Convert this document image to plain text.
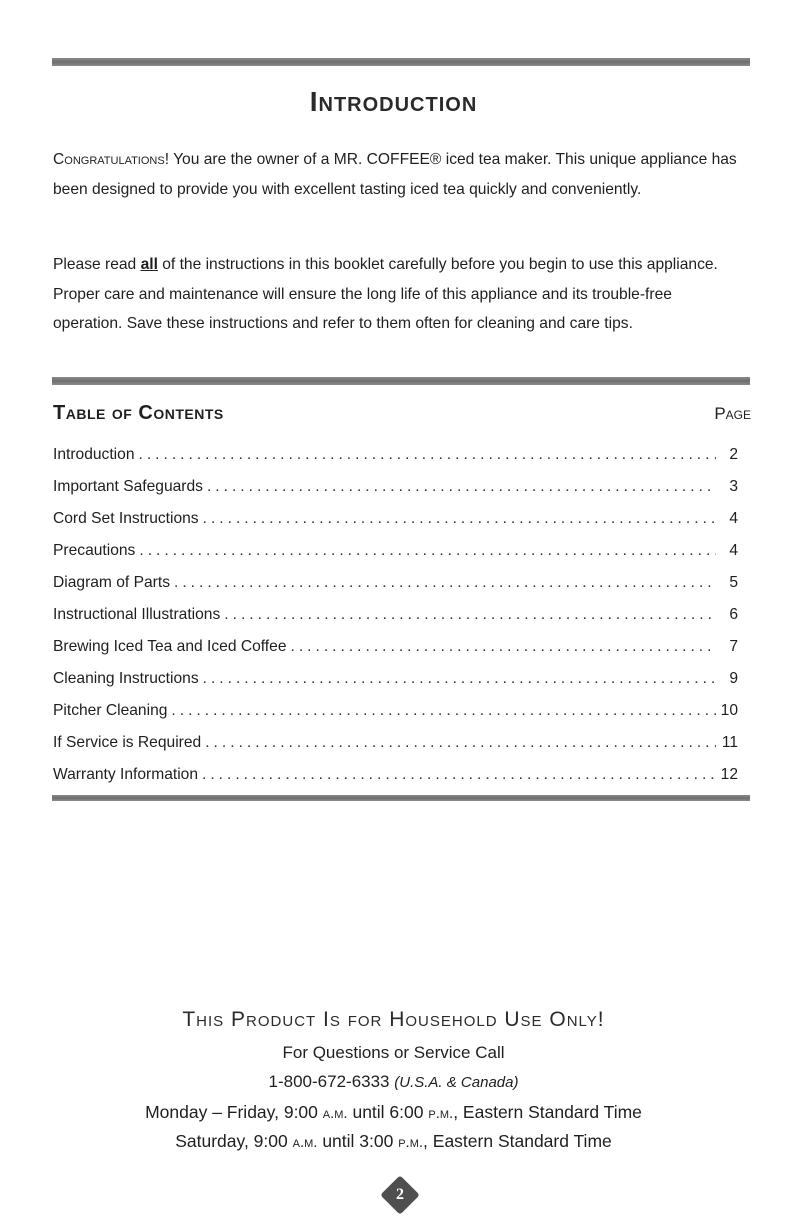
Introduction

Congratulations! You are the owner of a MR. COFFEE® iced tea maker. This unique appliance has been designed to provide you with excellent tasting iced tea quickly and conveniently.

Please read all of the instructions in this booklet carefully before you begin to use this appliance. Proper care and maintenance will ensure the long life of this appliance and its trouble-free operation. Save these instructions and refer to them often for cleaning and care tips.

Table of Contents	Page
Introduction .....	2
Important Safeguards .....	3
Cord Set Instructions .....	4
Precautions .....	4
Diagram of Parts .....	5
Instructional Illustrations .....	6
Brewing Iced Tea and Iced Coffee .....	7
Cleaning Instructions .....	9
Pitcher Cleaning .....	10
If Service is Required .....	11
Warranty Information .....	12
This Product Is for Household Use Only!
For Questions or Service Call
1-800-672-6333 (U.S.A. & Canada)
Monday – Friday, 9:00 a.m. until 6:00 p.m., Eastern Standard Time
Saturday, 9:00 a.m. until 3:00 p.m., Eastern Standard Time
2
